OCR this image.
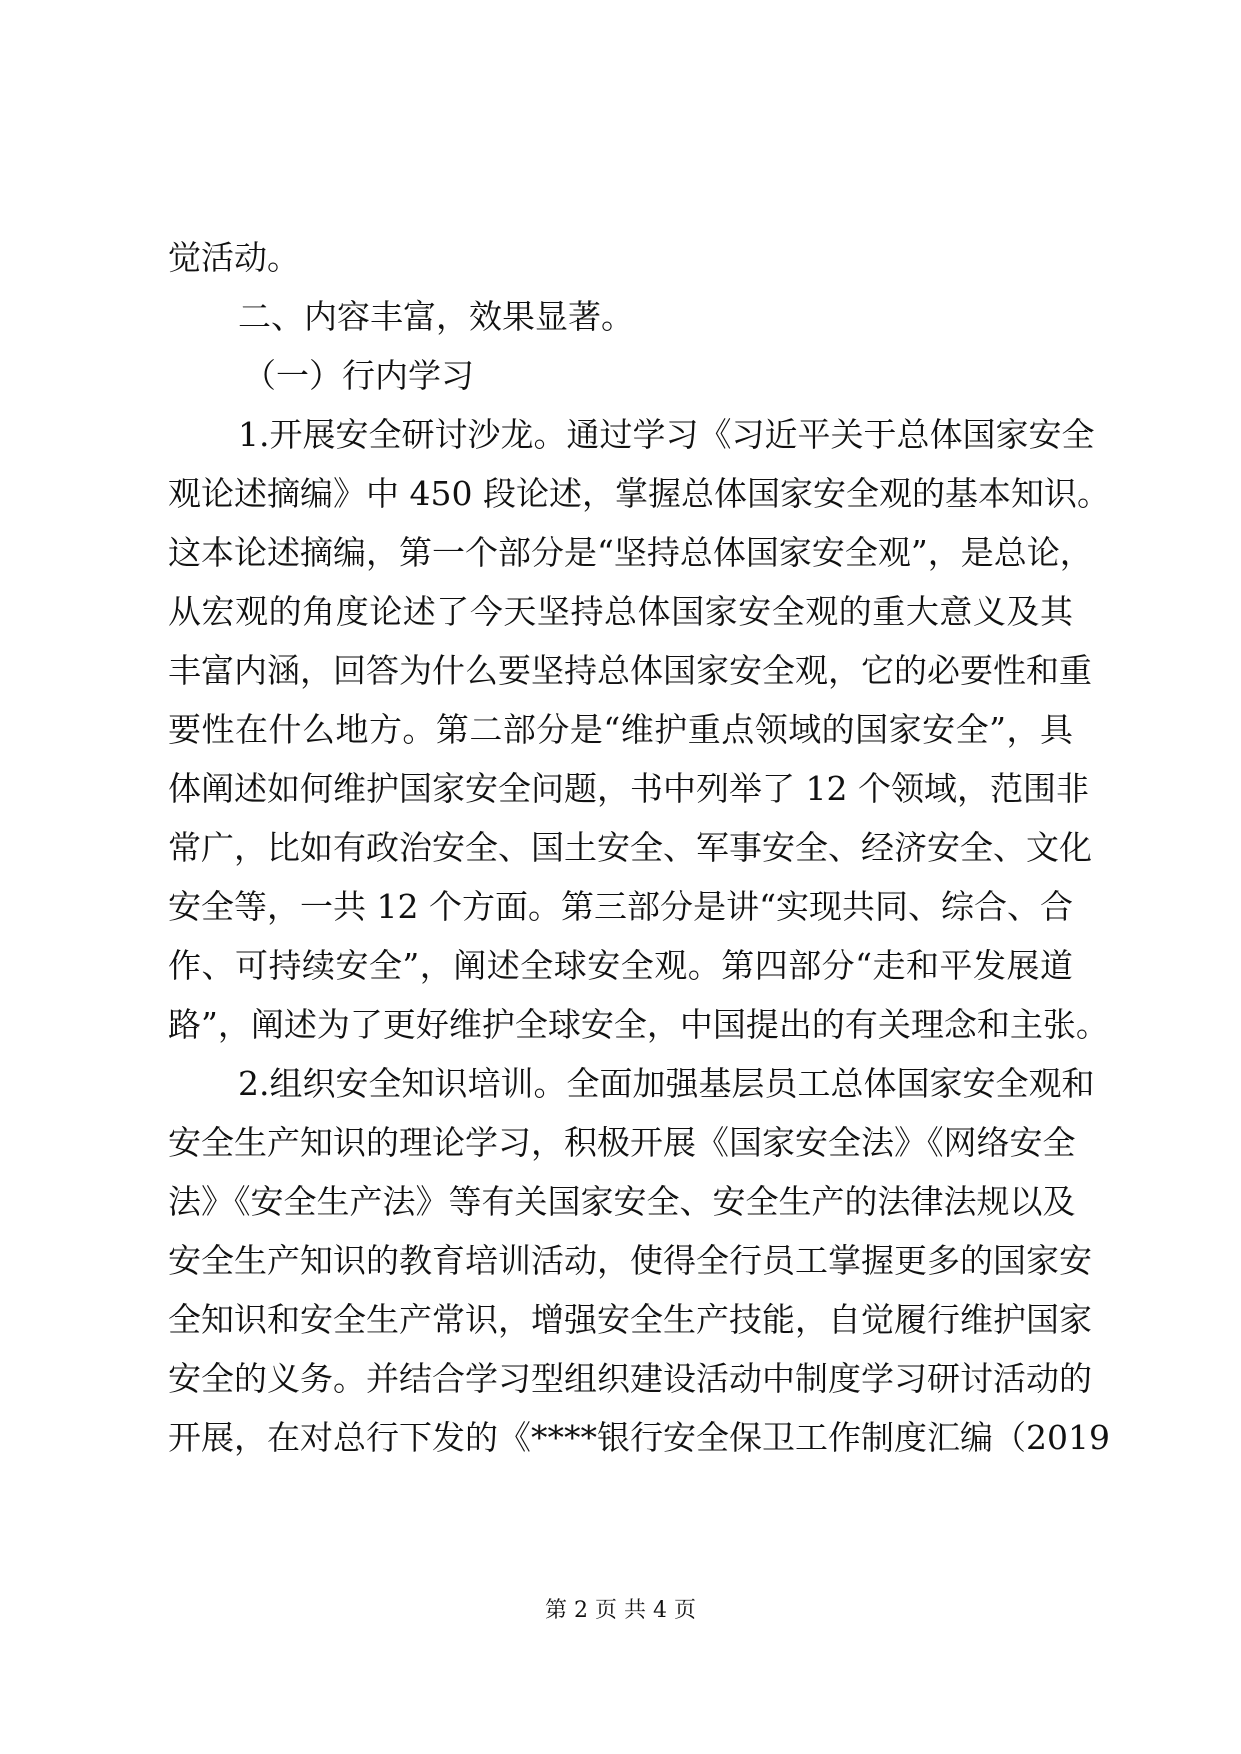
觉活动。
二、内容丰富，效果显著。
（一）行内学习
1.开展安全研讨沙龙。通过学习《习近平关于总体国家安全
观论述摘编》中 450 段论述，掌握总体国家安全观的基本知识。
这本论述摘编，第一个部分是“坚持总体国家安全观”，是总论，
从宏观的角度论述了今天坚持总体国家安全观的重大意义及其
丰富内涵，回答为什么要坚持总体国家安全观，它的必要性和重
要性在什么地方。第二部分是“维护重点领域的国家安全”，具
体阐述如何维护国家安全问题，书中列举了 12 个领域，范围非
常广，比如有政治安全、国土安全、军事安全、经济安全、文化
安全等，一共 12 个方面。第三部分是讲“实现共同、综合、合
作、可持续安全”，阐述全球安全观。第四部分“走和平发展道
路”，阐述为了更好维护全球安全，中国提出的有关理念和主张。
2.组织安全知识培训。全面加强基层员工总体国家安全观和
安全生产知识的理论学习，积极开展《国家安全法》《网络安全
法》《安全生产法》等有关国家安全、安全生产的法律法规以及
安全生产知识的教育培训活动，使得全行员工掌握更多的国家安
全知识和安全生产常识，增强安全生产技能，自觉履行维护国家
安全的义务。并结合学习型组织建设活动中制度学习研讨活动的
开展，在对总行下发的《****银行安全保卫工作制度汇编（2019
第 2 页 共 4 页
